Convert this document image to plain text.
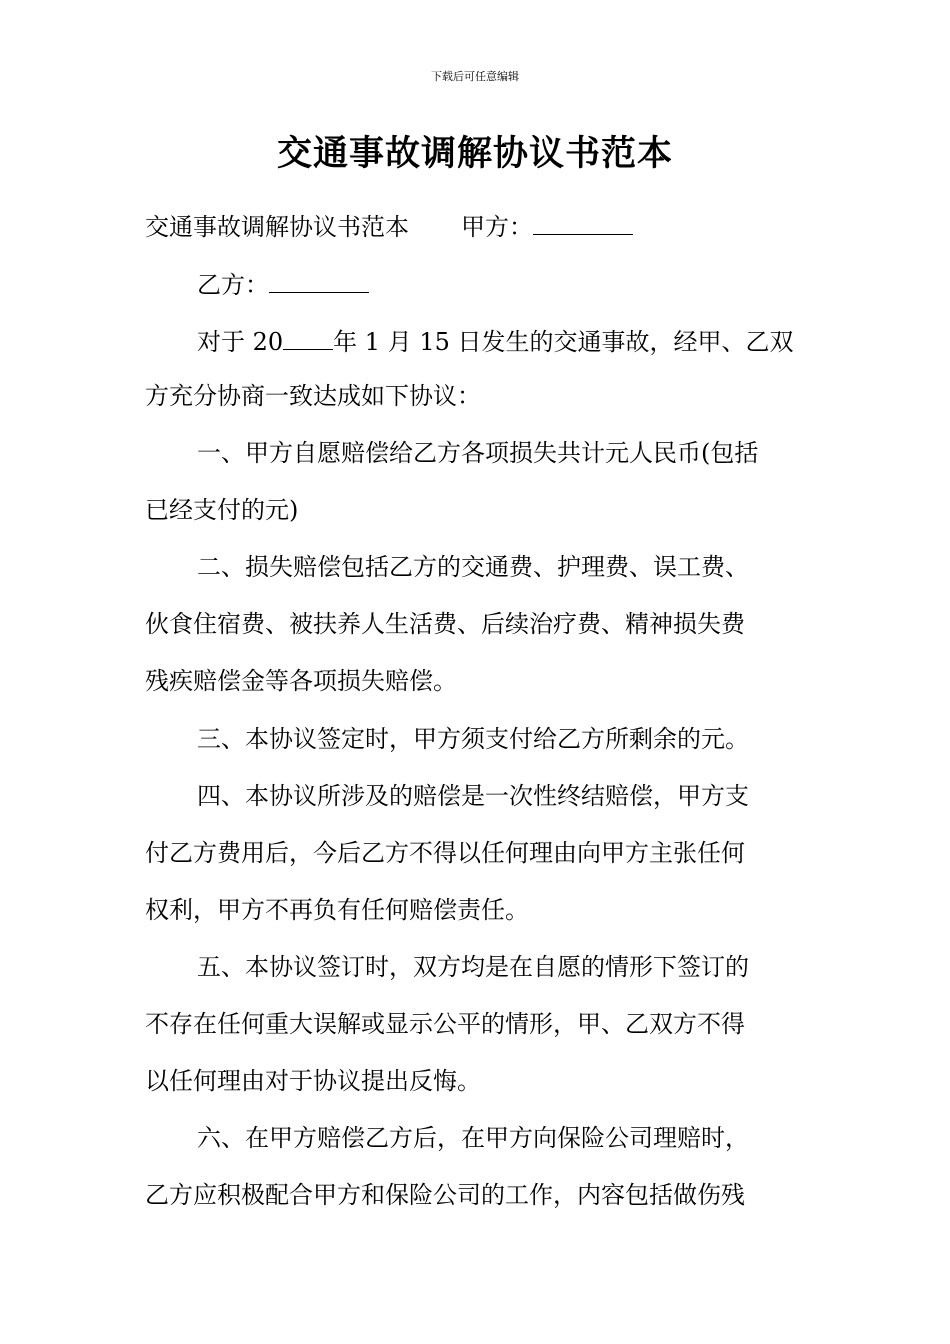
下载后可任意编辑
交通事故调解协议书范本
交通事故调解协议书范本 甲方：
乙方：
对于 20 年 1 月 15 日发生的交通事故，经甲、乙双
方充分协商一致达成如下协议：
一、甲方自愿赔偿给乙方各项损失共计元人民币(包括
已经支付的元)
二、损失赔偿包括乙方的交通费、护理费、误工费、
伙食住宿费、被扶养人生活费、后续治疗费、精神损失费
残疾赔偿金等各项损失赔偿。
三、本协议签定时，甲方须支付给乙方所剩余的元。
四、本协议所涉及的赔偿是一次性终结赔偿，甲方支
付乙方费用后，今后乙方不得以任何理由向甲方主张任何
权利，甲方不再负有任何赔偿责任。
五、本协议签订时，双方均是在自愿的情形下签订的
不存在任何重大误解或显示公平的情形，甲、乙双方不得
以任何理由对于协议提出反悔。
六、在甲方赔偿乙方后，在甲方向保险公司理赔时，
乙方应积极配合甲方和保险公司的工作，内容包括做伤残
